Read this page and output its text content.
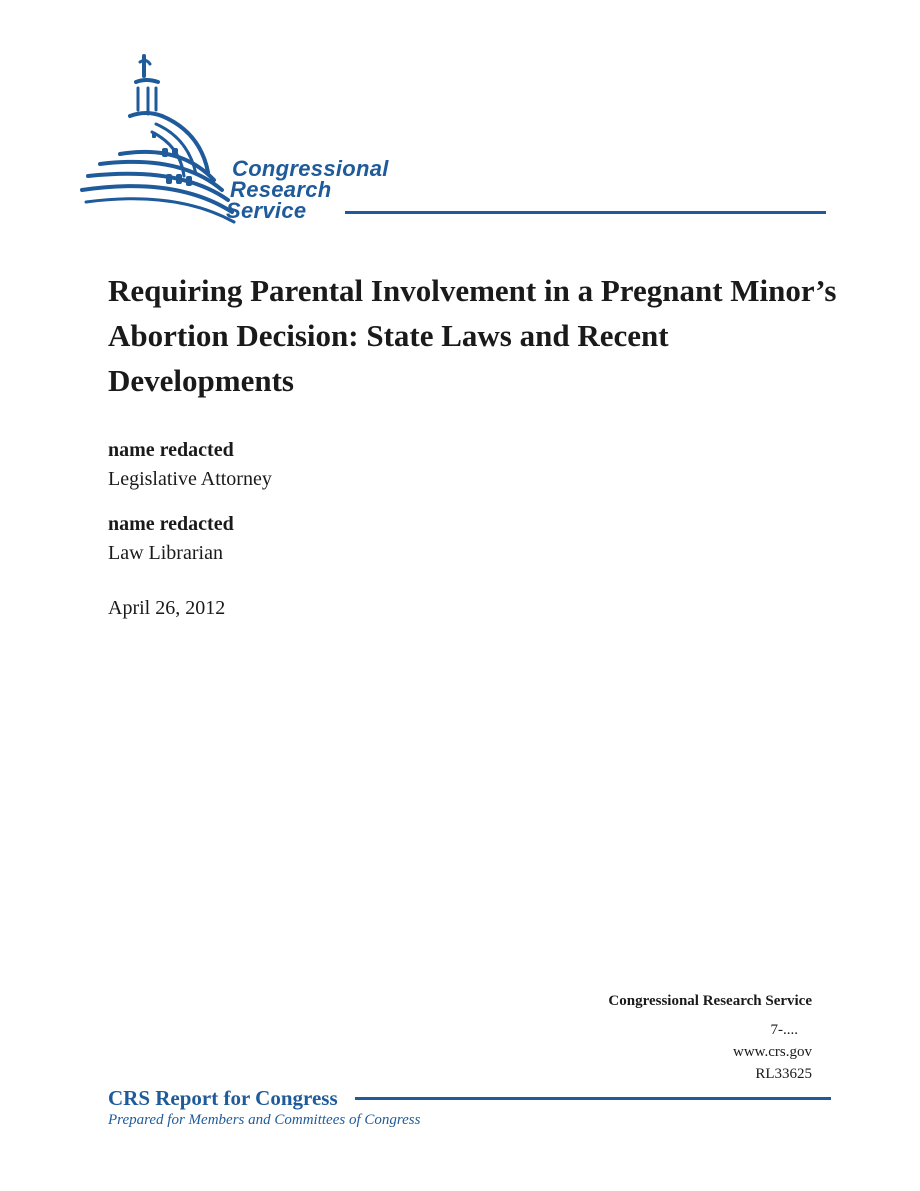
Congressional
Research
Service
Requiring Parental Involvement in a Pregnant Minor’s Abortion Decision: State Laws and Recent Developments
name redacted
Legislative Attorney
name redacted
Law Librarian
April 26, 2012
Congressional Research Service
7-....
www.crs.gov
RL33625
CRS Report for Congress
Prepared for Members and Committees of Congress
